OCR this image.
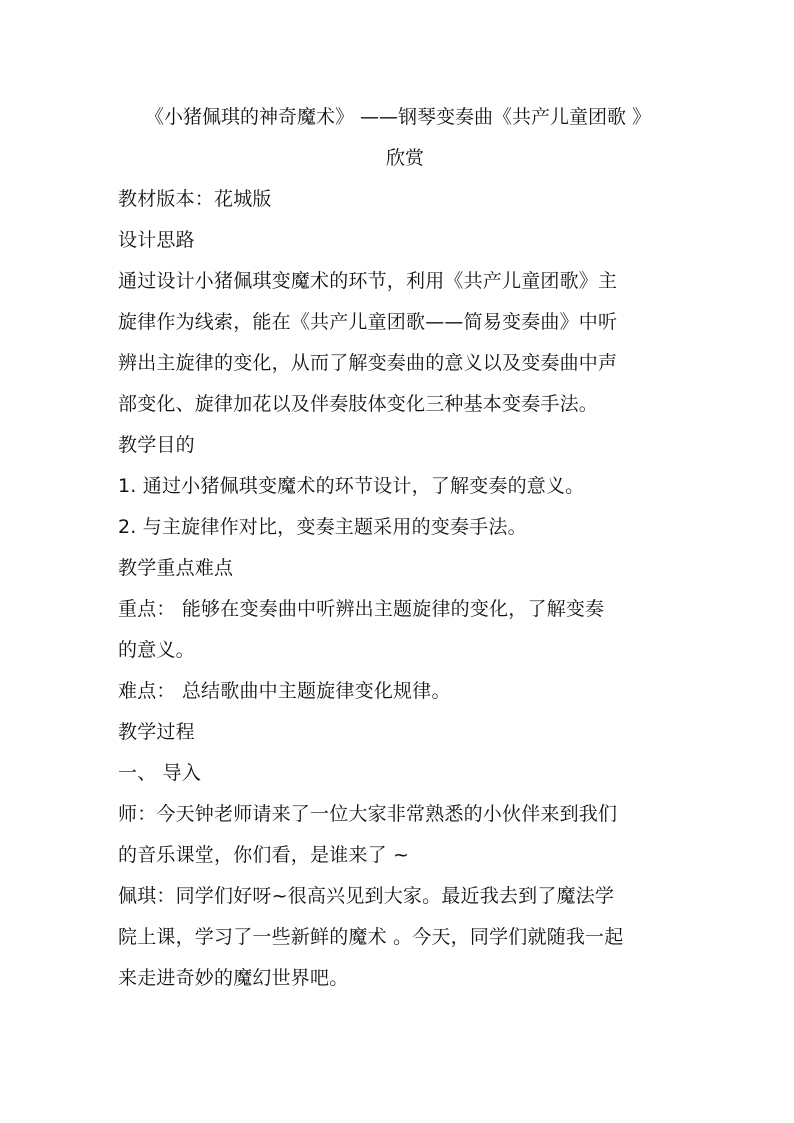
《小猪佩琪的神奇魔术》 ——钢琴变奏曲《共产儿童团歌 》
欣赏
教材版本：花城版
设计思路
通过设计小猪佩琪变魔术的环节，利用《共产儿童团歌》主
旋律作为线索，能在《共产儿童团歌——简易变奏曲》中听
辨出主旋律的变化，从而了解变奏曲的意义以及变奏曲中声
部变化、旋律加花以及伴奏肢体变化三种基本变奏手法。
教学目的
1. 通过小猪佩琪变魔术的环节设计，了解变奏的意义。
2. 与主旋律作对比，变奏主题采用的变奏手法。
教学重点难点
重点： 能够在变奏曲中听辨出主题旋律的变化，了解变奏
的意义。
难点： 总结歌曲中主题旋律变化规律。
教学过程
一、 导入
师：今天钟老师请来了一位大家非常熟悉的小伙伴来到我们
的音乐课堂，你们看，是谁来了 ~
佩琪：同学们好呀~很高兴见到大家。最近我去到了魔法学
院上课，学习了一些新鲜的魔术 。今天，同学们就随我一起
来走进奇妙的魔幻世界吧。
